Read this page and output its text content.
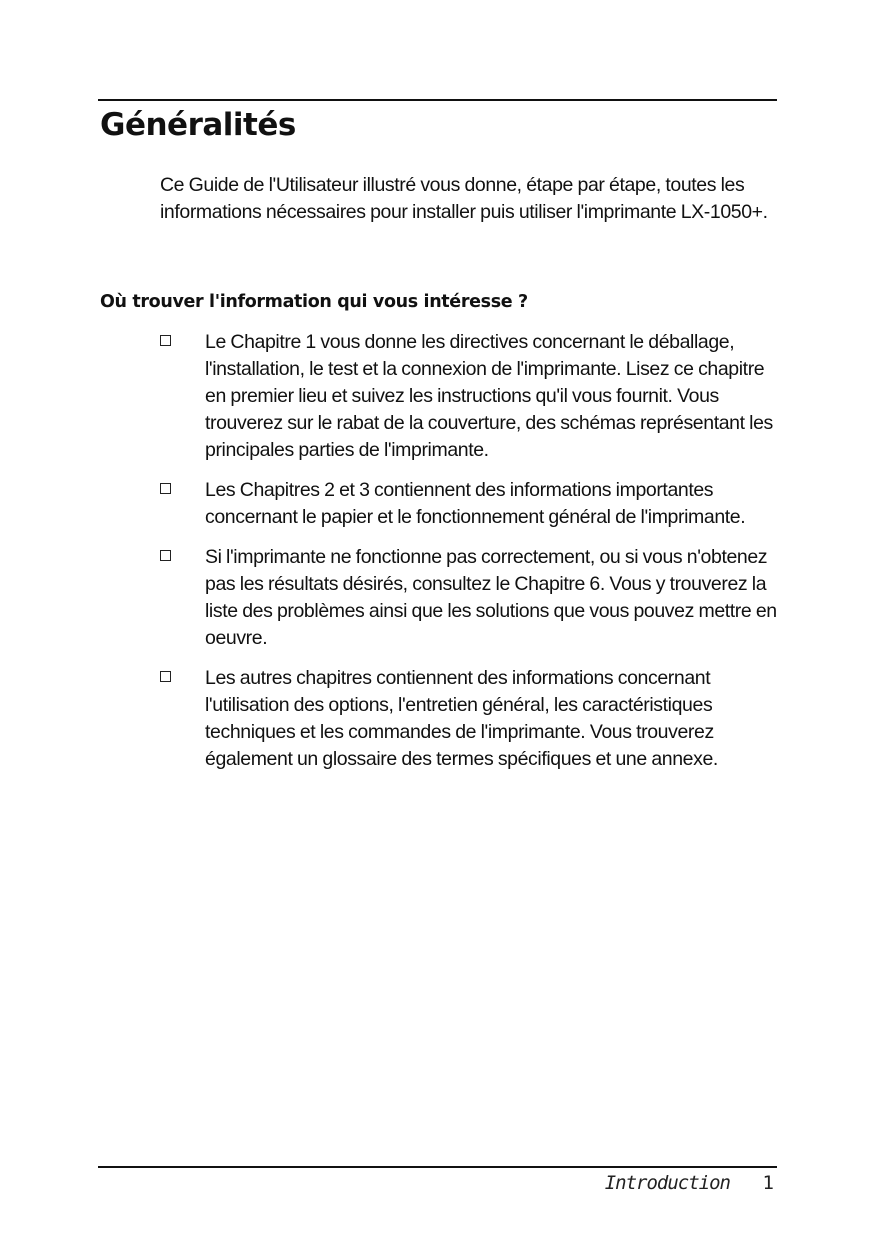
Généralités

Ce Guide de l'Utilisateur illustré vous donne, étape par étape, toutes les informations nécessaires pour installer puis utiliser l'imprimante LX-1050+.

Où trouver l'information qui vous intéresse ?
Le Chapitre 1 vous donne les directives concernant le déballage, l'installation, le test et la connexion de l'imprimante. Lisez ce chapitre en premier lieu et suivez les instructions qu'il vous fournit. Vous trouverez sur le rabat de la couverture, des schémas représentant les principales parties de l'imprimante.
Les Chapitres 2 et 3 contiennent des informations importantes concernant le papier et le fonctionnement général de l'imprimante.
Si l'imprimante ne fonctionne pas correctement, ou si vous n'obtenez pas les résultats désirés, consultez le Chapitre 6. Vous y trouverez la liste des problèmes ainsi que les solutions que vous pouvez mettre en oeuvre.
Les autres chapitres contiennent des informations concernant l'utilisation des options, l'entretien général, les caractéristiques techniques et les commandes de l'imprimante. Vous trouverez également un glossaire des termes spécifiques et une annexe.

Introduction 1
